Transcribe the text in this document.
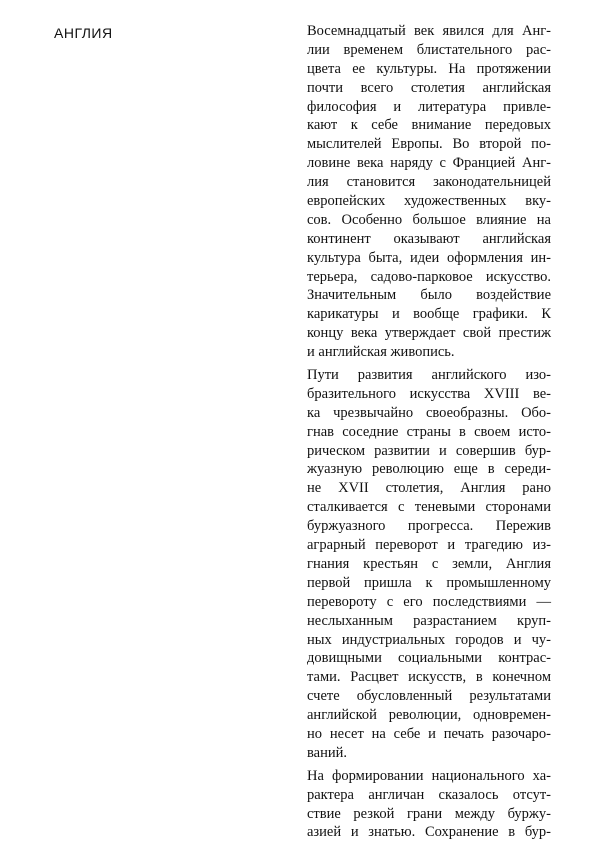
АНГЛИЯ	Восемнадцатый век явился для Анг-
лии временем блистательного рас-
цвета ее культуры. На протяжении
почти всего столетия английская
философия и литература привле-
кают к себе внимание передовых
мыслителей Европы. Во второй по-
ловине века наряду с Францией Анг-
лия становится законодательницей
европейских художественных вку-
сов. Особенно большое влияние на
континент оказывают английская
культура быта, идеи оформления ин-
терьера, садово-парковое искусство.
Значительным было воздействие
карикатуры и вообще графики. К
концу века утверждает свой престиж
и английская живопись.
Пути развития английского изо-
бразительного искусства XVIII ве-
ка чрезвычайно своеобразны. Обо-
гнав соседние страны в своем исто-
рическом развитии и совершив бур-
жуазную революцию еще в середи-
не XVII столетия, Англия рано
сталкивается с теневыми сторонами
буржуазного прогресса. Пережив
аграрный переворот и трагедию из-
гнания крестьян с земли, Англия
первой пришла к промышленному
перевороту с его последствиями —
неслыханным разрастанием круп-
ных индустриальных городов и чу-
довищными социальными контрас-
тами. Расцвет искусств, в конечном
счете обусловленный результатами
английской революции, одновремен-
но несет на себе и печать разочаро-
ваний.
На формировании национального ха-
рактера англичан сказалось отсут-
ствие резкой грани между буржу-
азией и знатью. Сохранение в бур-
